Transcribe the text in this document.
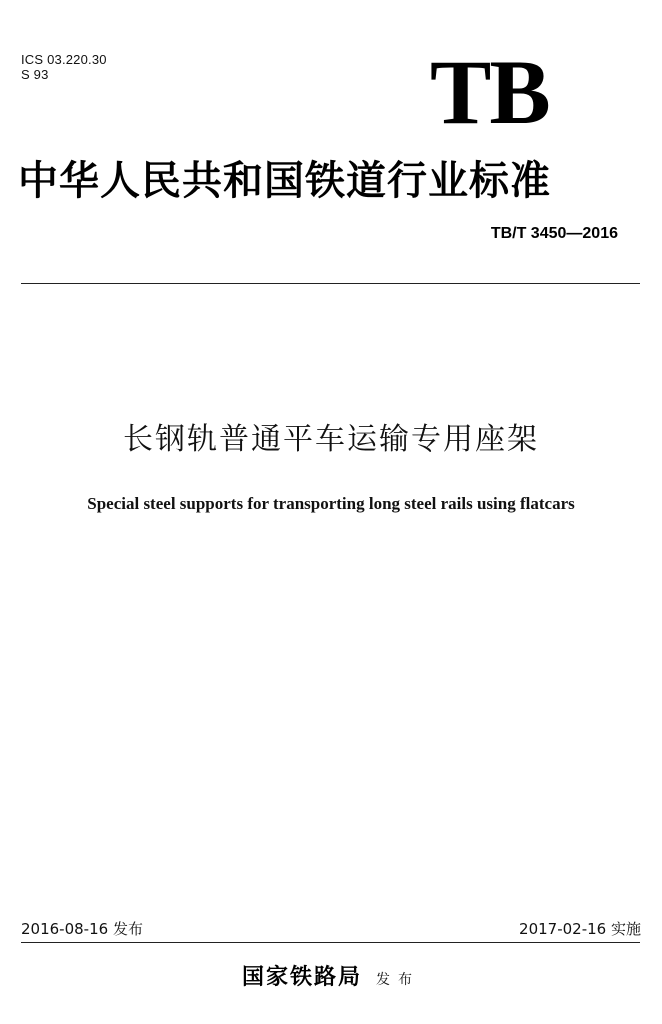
ICS 03.220.30
S 93	TB
中华人民共和国铁道行业标准
TB/T 3450—2016
长钢轨普通平车运输专用座架
Special steel supports for transporting long steel rails using flatcars
2016-08-16 发布	2017-02-16 实施
国家铁路局 发布
